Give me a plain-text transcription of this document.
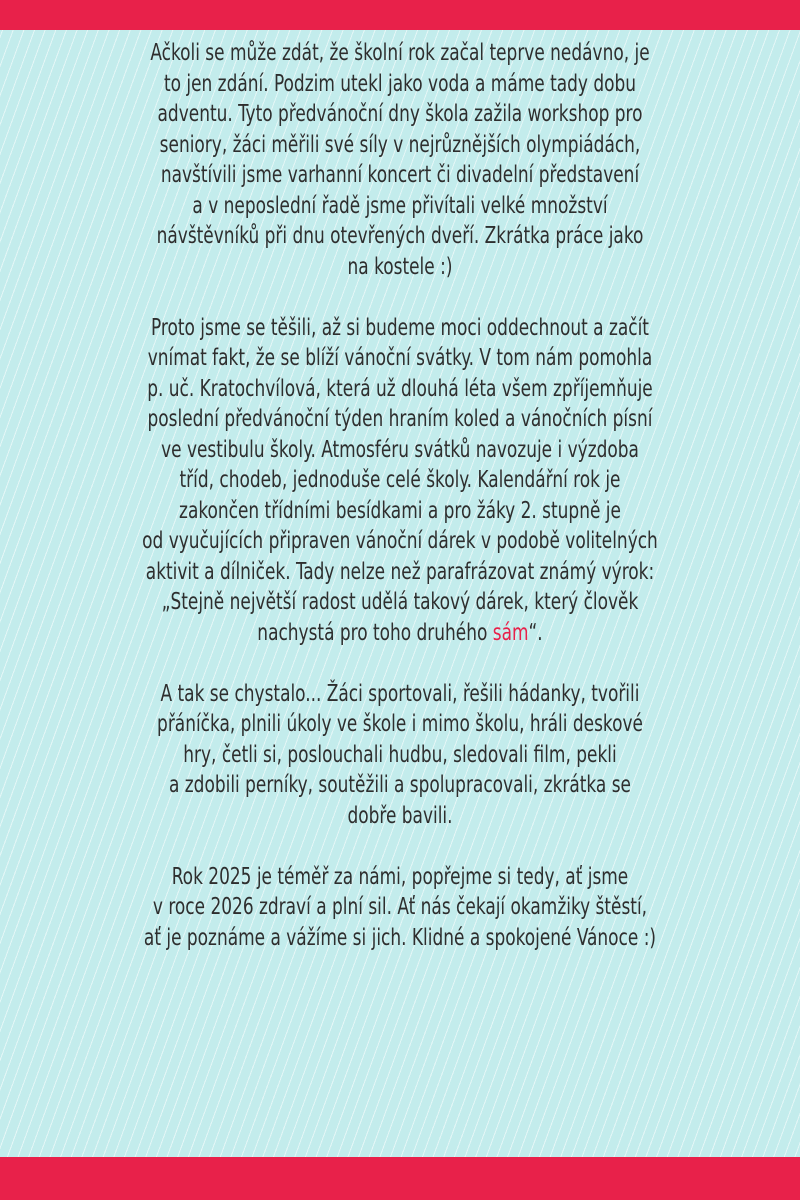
Ačkoli se může zdát, že školní rok začal teprve nedávno, je
to jen zdání. Podzim utekl jako voda a máme tady dobu
adventu. Tyto předvánoční dny škola zažila workshop pro
seniory, žáci měřili své síly v nejrůznějších olympiádách,
navštívili jsme varhanní koncert či divadelní představení
a v neposlední řadě jsme přivítali velké množství
návštěvníků při dnu otevřených dveří. Zkrátka práce jako
na kostele :)
Proto jsme se těšili, až si budeme moci oddechnout a začít
vnímat fakt, že se blíží vánoční svátky. V tom nám pomohla
p. uč. Kratochvílová, která už dlouhá léta všem zpříjemňuje
poslední předvánoční týden hraním koled a vánočních písní
ve vestibulu školy. Atmosféru svátků navozuje i výzdoba
tříd, chodeb, jednoduše celé školy. Kalendářní rok je
zakončen třídními besídkami a pro žáky 2. stupně je
od vyučujících připraven vánoční dárek v podobě volitelných
aktivit a dílniček. Tady nelze než parafrázovat známý výrok:
„Stejně největší radost udělá takový dárek, který člověk
nachystá pro toho druhého sám“.
A tak se chystalo... Žáci sportovali, řešili hádanky, tvořili
přáníčka, plnili úkoly ve škole i mimo školu, hráli deskové
hry, četli si, poslouchali hudbu, sledovali film, pekli
a zdobili perníky, soutěžili a spolupracovali, zkrátka se
dobře bavili.
Rok 2025 je téměř za námi, popřejme si tedy, ať jsme
v roce 2026 zdraví a plní sil. Ať nás čekají okamžiky štěstí,
ať je poznáme a vážíme si jich. Klidné a spokojené Vánoce :)
